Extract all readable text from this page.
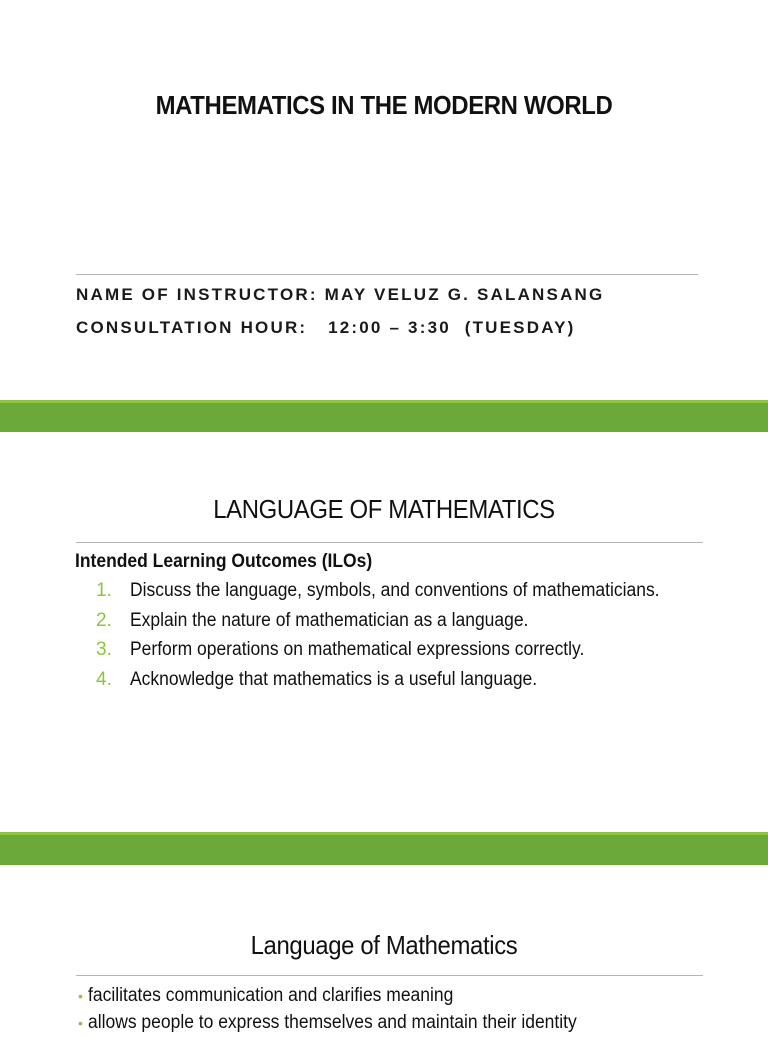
MATHEMATICS IN THE MODERN WORLD
NAME OF INSTRUCTOR: MAY VELUZ G. SALANSANG
CONSULTATION HOUR:   12:00 – 3:30  (TUESDAY)
LANGUAGE OF MATHEMATICS
Intended Learning Outcomes (ILOs)
1. Discuss the language, symbols, and conventions of mathematicians.
2. Explain the nature of mathematician as a language.
3. Perform operations on mathematical expressions correctly.
4. Acknowledge that mathematics is a useful language.
Language of Mathematics
• facilitates communication and clarifies meaning
• allows people to express themselves and maintain their identity
